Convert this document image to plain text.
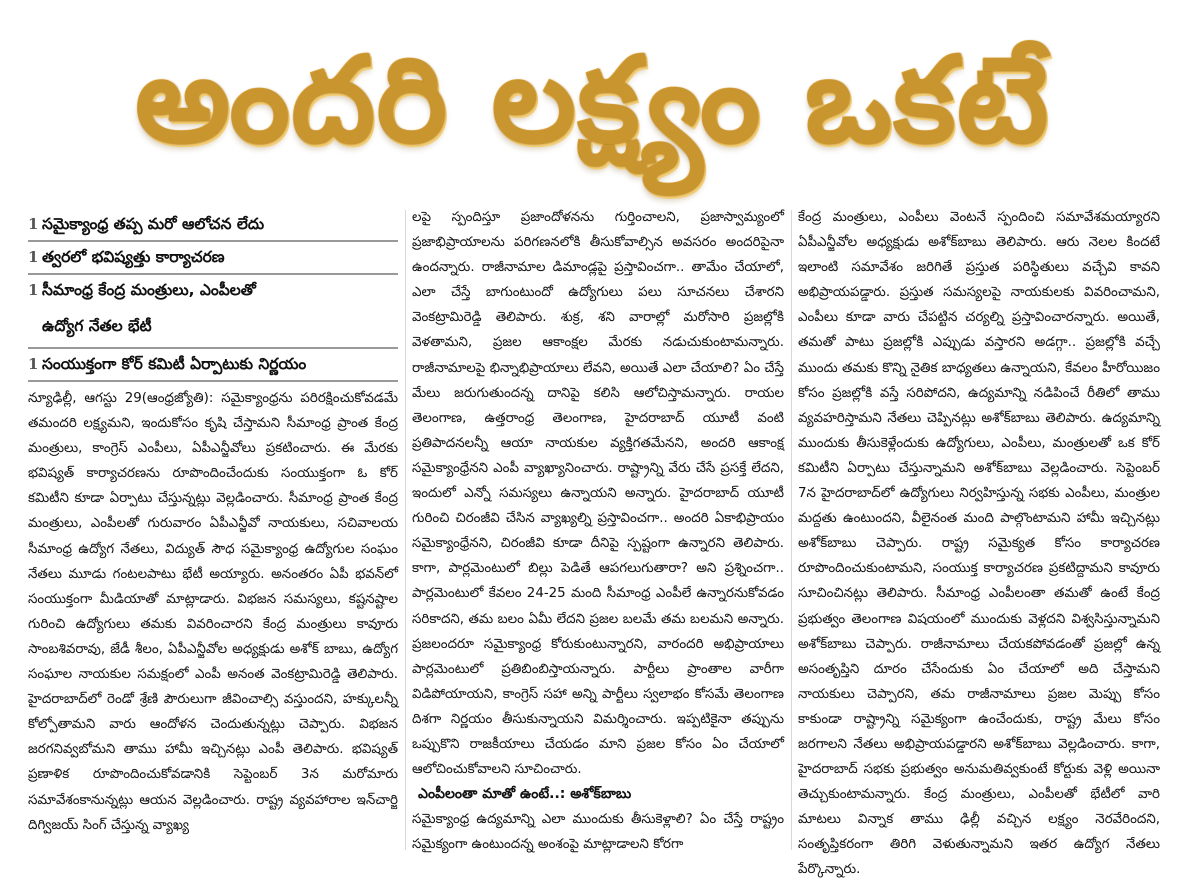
అందరి లక్ష్యం ఒకటే
1 సమైక్యాంధ్ర తప్ప మరో ఆలోచన లేదు
1 త్వరలో భవిష్యత్తు కార్యాచరణ
1 సీమాంధ్ర కేంద్ర మంత్రులు, ఎంపీలతో
ఉద్యోగ నేతల భేటీ
1 సంయుక్తంగా కోర్ కమిటీ ఏర్పాటుకు నిర్ణయం

న్యూఢిల్లీ, ఆగస్టు 29(ఆంధ్రజ్యోతి): సమైక్యాంధ్రను పరిరక్షించుకోవడమే తమందరి లక్ష్యమని, ఇందుకోసం కృషి చేస్తామని సీమాంధ్ర ప్రాంత కేంద్ర మంత్రులు, కాంగ్రెస్ ఎంపీలు, ఏపీఎన్జీవోలు ప్రకటించారు. ఈ మేరకు భవిష్యత్ కార్యాచరణను రూపొందించేందుకు సంయుక్తంగా ఓ కోర్ కమిటీని కూడా ఏర్పాటు చేస్తున్నట్లు వెల్లడించారు. సీమాంధ్ర ప్రాంత కేంద్ర మంత్రులు, ఎంపీలతో గురువారం ఏపీఎన్జీవో నాయకులు, సచివాలయ సీమాంధ్ర ఉద్యోగ నేతలు, విద్యుత్ సౌధ సమైక్యాంధ్ర ఉద్యోగుల సంఘం నేతలు మూడు గంటలపాటు భేటీ అయ్యారు. అనంతరం ఏపీ భవన్‌లో సంయుక్తంగా మీడియాతో మాట్లాడారు. విభజన సమస్యలు, కష్టనష్టాల గురించి ఉద్యోగులు తమకు వివరించారని కేంద్ర మంత్రులు కావూరు సాంబశివరావు, జేడీ శీలం, ఏపీఎన్జీవోల అధ్యక్షుడు అశోక్ బాబు, ఉద్యోగ సంఘాల నాయకుల సమక్షంలో ఎంపీ అనంత వెంకట్రామిరెడ్డి తెలిపారు. హైదరాబాద్‌లో రెండో శ్రేణి పౌరులుగా జీవించాల్సి వస్తుందని, హక్కులన్నీ కోల్పోతామని వారు ఆందోళన చెందుతున్నట్లు చెప్పారు. విభజన జరగనివ్వబోమని తాము హామీ ఇచ్చినట్లు ఎంపీ తెలిపారు. భవిష్యత్ ప్రణాళిక రూపొందించుకోవడానికి సెప్టెంబర్ 3న మరోమారు సమావేశంకానున్నట్లు ఆయన వెల్లడించారు. రాష్ట్ర వ్యవహారాల ఇన్‌చార్జి దిగ్విజయ్ సింగ్ చేస్తున్న వ్యాఖ్య

లపై స్పందిస్తూ ప్రజాందోళనను గుర్తించాలని, ప్రజాస్వామ్యంలో ప్రజాభిప్రాయాలను పరిగణనలోకి తీసుకోవాల్సిన అవసరం అందరిపైనా ఉందన్నారు. రాజీనామాల డిమాండ్లపై ప్రస్తావించగా.. తామేం చేయాలో, ఎలా చేస్తే బాగుంటుందో ఉద్యోగులు పలు సూచనలు చేశారని వెంకట్రామిరెడ్డి తెలిపారు. శుక్ర, శని వారాల్లో మరోసారి ప్రజల్లోకి వెళతామని, ప్రజల ఆకాంక్షల మేరకు నడుచుకుంటామన్నారు. రాజీనామాలపై భిన్నాభిప్రాయాలు లేవని, అయితే ఎలా చేయాలి? ఏం చేస్తే మేలు జరుగుతుందన్న దానిపై కలిసి ఆలోచిస్తామన్నారు. రాయల తెలంగాణ, ఉత్తరాంధ్ర తెలంగాణ, హైదరాబాద్ యూటీ వంటి ప్రతిపాదనలన్నీ ఆయా నాయకుల వ్యక్తిగతమేనని, అందరి ఆకాంక్ష సమైక్యాంధ్రేనని ఎంపీ వ్యాఖ్యానించారు. రాష్ట్రాన్ని వేరు చేసే ప్రసక్తే లేదని, ఇందులో ఎన్నో సమస్యలు ఉన్నాయని అన్నారు. హైదరాబాద్ యూటీ గురించి చిరంజీవి చేసిన వ్యాఖ్యల్ని ప్రస్తావించగా.. అందరి ఏకాభిప్రాయం సమైక్యాంధ్రేనని, చిరంజీవి కూడా దీనిపై స్పష్టంగా ఉన్నారని తెలిపారు. కాగా, పార్లమెంటులో బిల్లు పెడితే ఆపగలుగుతారా? అని ప్రశ్నించగా.. పార్లమెంటులో కేవలం 24-25 మంది సీమాంధ్ర ఎంపీలే ఉన్నారనుకోవడం సరికాదని, తమ బలం ఏమీ లేదని ప్రజల బలమే తమ బలమని అన్నారు. ప్రజలందరూ సమైక్యాంధ్ర కోరుకుంటున్నారని, వారందరి అభిప్రాయాలు పార్లమెంటులో ప్రతిబింబిస్తాయన్నారు. పార్టీలు ప్రాంతాల వారీగా విడిపోయాయని, కాంగ్రెస్ సహా అన్ని పార్టీలు స్వలాభం కోసమే తెలంగాణ దిశగా నిర్ణయం తీసుకున్నాయని విమర్శించారు. ఇప్పటికైనా తప్పును ఒప్పుకొని రాజకీయాలు చేయడం మాని ప్రజల కోసం ఏం చేయాలో ఆలోచించుకోవాలని సూచించారు.

ఎంపీలంతా మాతో ఉంటే..: అశోక్‌బాబు

సమైక్యాంధ్ర ఉద్యమాన్ని ఎలా ముందుకు తీసుకెళ్లాలి? ఏం చేస్తే రాష్ట్రం సమైక్యంగా ఉంటుందన్న అంశంపై మాట్లాడాలని కోరగా

కేంద్ర మంత్రులు, ఎంపీలు వెంటనే స్పందించి సమావేశమయ్యారని ఏపీఎన్జీవోల అధ్యక్షుడు అశోక్‌బాబు తెలిపారు. ఆరు నెలల కిందటే ఇలాంటి సమావేశం జరిగితే ప్రస్తుత పరిస్థితులు వచ్చేవి కావని అభిప్రాయపడ్డారు. ప్రస్తుత సమస్యలపై నాయకులకు వివరించామని, ఎంపీలు కూడా వారు చేపట్టిన చర్యల్ని ప్రస్తావించారన్నారు. అయితే, తమతో పాటు ప్రజల్లోకి ఎప్పుడు వస్తారని అడగ్గా.. ప్రజల్లోకి వచ్చే ముందు తమకు కొన్ని నైతిక బాధ్యతలు ఉన్నాయని, కేవలం హీరోయిజం కోసం ప్రజల్లోకి వస్తే సరిపోదని, ఉద్యమాన్ని నడిపించే రీతిలో తాము వ్యవహరిస్తామని నేతలు చెప్పినట్లు అశోక్‌బాబు తెలిపారు. ఉద్యమాన్ని ముందుకు తీసుకెళ్లేందుకు ఉద్యోగులు, ఎంపీలు, మంత్రులతో ఒక కోర్ కమిటీని ఏర్పాటు చేస్తున్నామని అశోక్‌బాబు వెల్లడించారు. సెప్టెంబర్ 7న హైదరాబాద్‌లో ఉద్యోగులు నిర్వహిస్తున్న సభకు ఎంపీలు, మంత్రుల మద్దతు ఉంటుందని, వీలైనంత మంది పాల్గొంటామని హామీ ఇచ్చినట్లు అశోక్‌బాబు చెప్పారు. రాష్ట్ర సమైక్యత కోసం కార్యాచరణ రూపొందించుకుంటామని, సంయుక్త కార్యాచరణ ప్రకటిద్దామని కావూరు సూచించినట్లు తెలిపారు. సీమాంధ్ర ఎంపీలంతా తమతో ఉంటే కేంద్ర ప్రభుత్వం తెలంగాణ విషయంలో ముందుకు వెళ్లదని విశ్వసిస్తున్నామని అశోక్‌బాబు చెప్పారు. రాజీనామాలు చేయకపోవడంతో ప్రజల్లో ఉన్న అసంతృప్తిని దూరం చేసేందుకు ఏం చేయాలో అది చేస్తామని నాయకులు చెప్పారని, తమ రాజీనామాలు ప్రజల మెప్పు కోసం కాకుండా రాష్ట్రాన్ని సమైక్యంగా ఉంచేందుకు, రాష్ట్ర మేలు కోసం జరగాలని నేతలు అభిప్రాయపడ్డారని అశోక్‌బాబు వెల్లడించారు. కాగా, హైదరాబాద్ సభకు ప్రభుత్వం అనుమతివ్వకుంటే కోర్టుకు వెళ్లి అయినా తెచ్చుకుంటామన్నారు. కేంద్ర మంత్రులు, ఎంపీలతో భేటీలో వారి మాటలు విన్నాక తాము ఢిల్లీ వచ్చిన లక్ష్యం నెరవేరిందని, సంతృప్తికరంగా తిరిగి వెళుతున్నామని ఇతర ఉద్యోగ నేతలు పేర్కొన్నారు.
